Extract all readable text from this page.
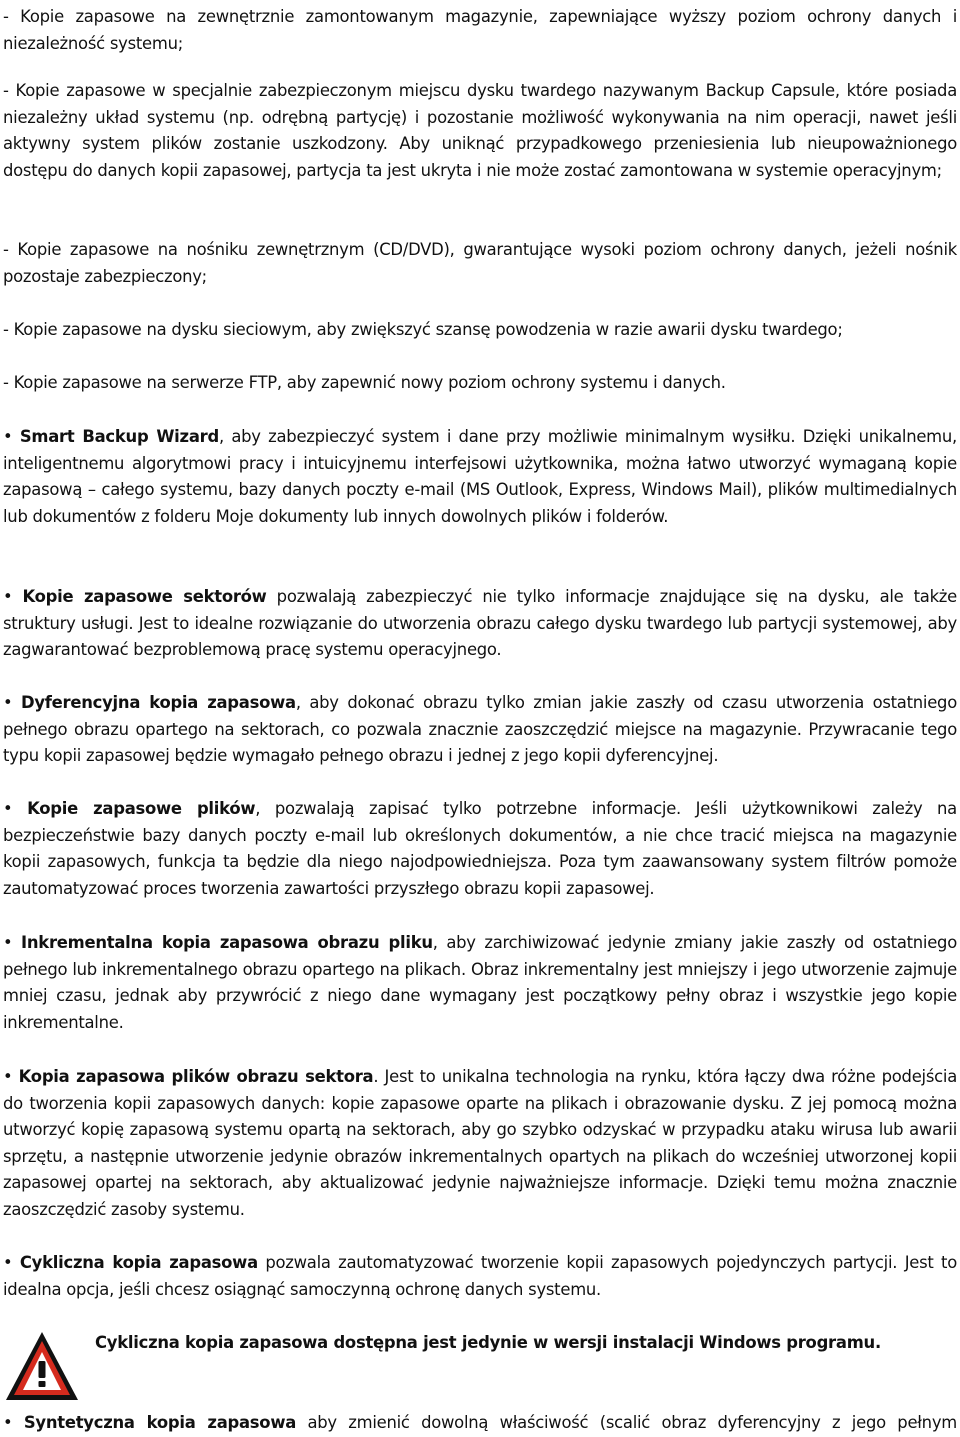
- Kopie zapasowe na zewnętrznie zamontowanym magazynie, zapewniające wyższy poziom ochrony danych i niezależność systemu;

- Kopie zapasowe w specjalnie zabezpieczonym miejscu dysku twardego nazywanym Backup Capsule, które posiada niezależny układ systemu (np. odrębną partycję) i pozostanie możliwość wykonywania na nim operacji, nawet jeśli aktywny system plików zostanie uszkodzony. Aby uniknąć przypadkowego przeniesienia lub nieupoważnionego dostępu do danych kopii zapasowej, partycja ta jest ukryta i nie może zostać zamontowana w systemie operacyjnym;

- Kopie zapasowe na nośniku zewnętrznym (CD/DVD), gwarantujące wysoki poziom ochrony danych, jeżeli nośnik pozostaje zabezpieczony;

- Kopie zapasowe na dysku sieciowym, aby zwiększyć szansę powodzenia w razie awarii dysku twardego;

- Kopie zapasowe na serwerze FTP, aby zapewnić nowy poziom ochrony systemu i danych.

• Smart Backup Wizard, aby zabezpieczyć system i dane przy możliwie minimalnym wysiłku. Dzięki unikalnemu, inteligentnemu algorytmowi pracy i intuicyjnemu interfejsowi użytkownika, można łatwo utworzyć wymaganą kopie zapasową – całego systemu, bazy danych poczty e-mail (MS Outlook, Express, Windows Mail), plików multimedialnych lub dokumentów z folderu Moje dokumenty lub innych dowolnych plików i folderów.

• Kopie zapasowe sektorów pozwalają zabezpieczyć nie tylko informacje znajdujące się na dysku, ale także struktury usługi. Jest to idealne rozwiązanie do utworzenia obrazu całego dysku twardego lub partycji systemowej, aby zagwarantować bezproblemową pracę systemu operacyjnego.

• Dyferencyjna kopia zapasowa, aby dokonać obrazu tylko zmian jakie zaszły od czasu utworzenia ostatniego pełnego obrazu opartego na sektorach, co pozwala znacznie zaoszczędzić miejsce na magazynie. Przywracanie tego typu kopii zapasowej będzie wymagało pełnego obrazu i jednej z jego kopii dyferencyjnej.

• Kopie zapasowe plików, pozwalają zapisać tylko potrzebne informacje. Jeśli użytkownikowi zależy na bezpieczeństwie bazy danych poczty e-mail lub określonych dokumentów, a nie chce tracić miejsca na magazynie kopii zapasowych, funkcja ta będzie dla niego najodpowiedniejsza. Poza tym zaawansowany system filtrów pomoże zautomatyzować proces tworzenia zawartości przyszłego obrazu kopii zapasowej.

• Inkrementalna kopia zapasowa obrazu pliku, aby zarchiwizować jedynie zmiany jakie zaszły od ostatniego pełnego lub inkrementalnego obrazu opartego na plikach. Obraz inkrementalny jest mniejszy i jego utworzenie zajmuje mniej czasu, jednak aby przywrócić z niego dane wymagany jest początkowy pełny obraz i wszystkie jego kopie inkrementalne.

• Kopia zapasowa plików obrazu sektora. Jest to unikalna technologia na rynku, która łączy dwa różne podejścia do tworzenia kopii zapasowych danych: kopie zapasowe oparte na plikach i obrazowanie dysku. Z jej pomocą można utworzyć kopię zapasową systemu opartą na sektorach, aby go szybko odzyskać w przypadku ataku wirusa lub awarii sprzętu, a następnie utworzenie jedynie obrazów inkrementalnych opartych na plikach do wcześniej utworzonej kopii zapasowej opartej na sektorach, aby aktualizować jedynie najważniejsze informacje. Dzięki temu można znacznie zaoszczędzić zasoby systemu.

• Cykliczna kopia zapasowa pozwala zautomatyzować tworzenie kopii zapasowych pojedynczych partycji. Jest to idealna opcja, jeśli chcesz osiągnąć samoczynną ochronę danych systemu.

Cykliczna kopia zapasowa dostępna jest jedynie w wersji instalacji Windows programu.

• Syntetyczna kopia zapasowa aby zmienić dowolną właściwość (scalić obraz dyferencyjny z jego pełnym
